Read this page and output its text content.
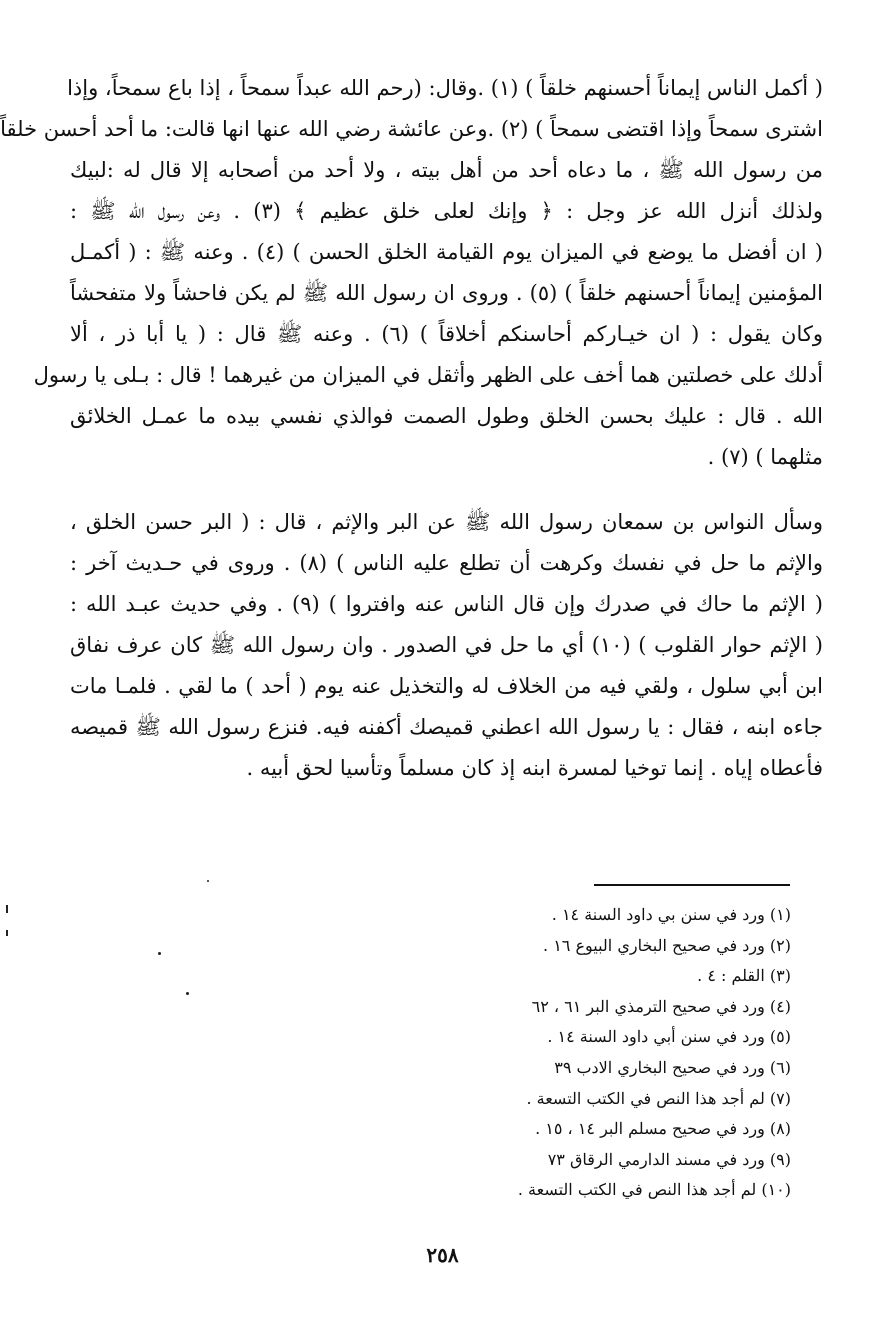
( أكمل الناس إيماناً أحسنهم خلقاً ) (١) .وقال: (رحم الله عبداً سمحاً ، إذا باع سمحاً، وإذا
اشترى سمحاً وإذا اقتضى سمحاً ) (٢) .وعن عائشة رضي الله عنها انها قالت: ما أحد أحسن خلقاً
من رسول الله ﷺ ، ما دعاه أحد من أهل بيته ، ولا أحد من أصحابه إلا قال له :لبيك
ولذلك أنزل الله عز وجل : ﴿ وإنك لعلى خلق عظيم ﴾ (٣) . وعن رسول الله ﷺ :
( ان أفضل ما يوضع في الميزان يوم القيامة الخلق الحسن ) (٤) . وعنه ﷺ : ( أكمـل
المؤمنين إيماناً أحسنهم خلقاً ) (٥) . وروى ان رسول الله ﷺ لم يكن فاحشاً ولا متفحشاً
وكان يقول : ( ان خيـاركم أحاسنكم أخلاقاً ) (٦) . وعنه ﷺ قال : ( يا أبا ذر ، ألا
أدلك على خصلتين هما أخف على الظهر وأثقل في الميزان من غيرهما ! قال : بـلى يا رسول
الله . قال : عليك بحسن الخلق وطول الصمت فوالذي نفسي بيده ما عمـل الخلائق
مثلهما ) (٧) .
وسأل النواس بن سمعان رسول الله ﷺ عن البر والإثم ، قال : ( البر حسن الخلق ،
والإثم ما حل في نفسك وكرهت أن تطلع عليه الناس ) (٨) . وروى في حـديث آخر :
( الإثم ما حاك في صدرك وإن قال الناس عنه وافتروا ) (٩) . وفي حديث عبـد الله :
( الإثم حوار القلوب ) (١٠) أي ما حل في الصدور . وان رسول الله ﷺ كان عرف نفاق
ابن أبي سلول ، ولقي فيه من الخلاف له والتخذيل عنه يوم ( أحد ) ما لقي . فلمـا مات
جاءه ابنه ، فقال : يا رسول الله اعطني قميصك أكفنه فيه. فنزع رسول الله ﷺ قميصه
فأعطاه إياه . إنما توخيا لمسرة ابنه إذ كان مسلماً وتأسيا لحق أبيه .
(١) ورد في سنن بي داود السنة ١٤ .
(٢) ورد في صحيح البخاري البيوع ١٦ .
(٣) القلم : ٤ .
(٤) ورد في صحيح الترمذي البر ٦١ ، ٦٢
(٥) ورد في سنن أبي داود السنة ١٤ .
(٦) ورد في صحيح البخاري الادب ٣٩
(٧) لم أجد هذا النص في الكتب التسعة .
(٨) ورد في صحيح مسلم البر ١٤ ، ١٥ .
(٩) ورد في مسند الدارمي الرقاق ٧٣
(١٠) لم أجد هذا النص في الكتب التسعة .
٢٥٨
